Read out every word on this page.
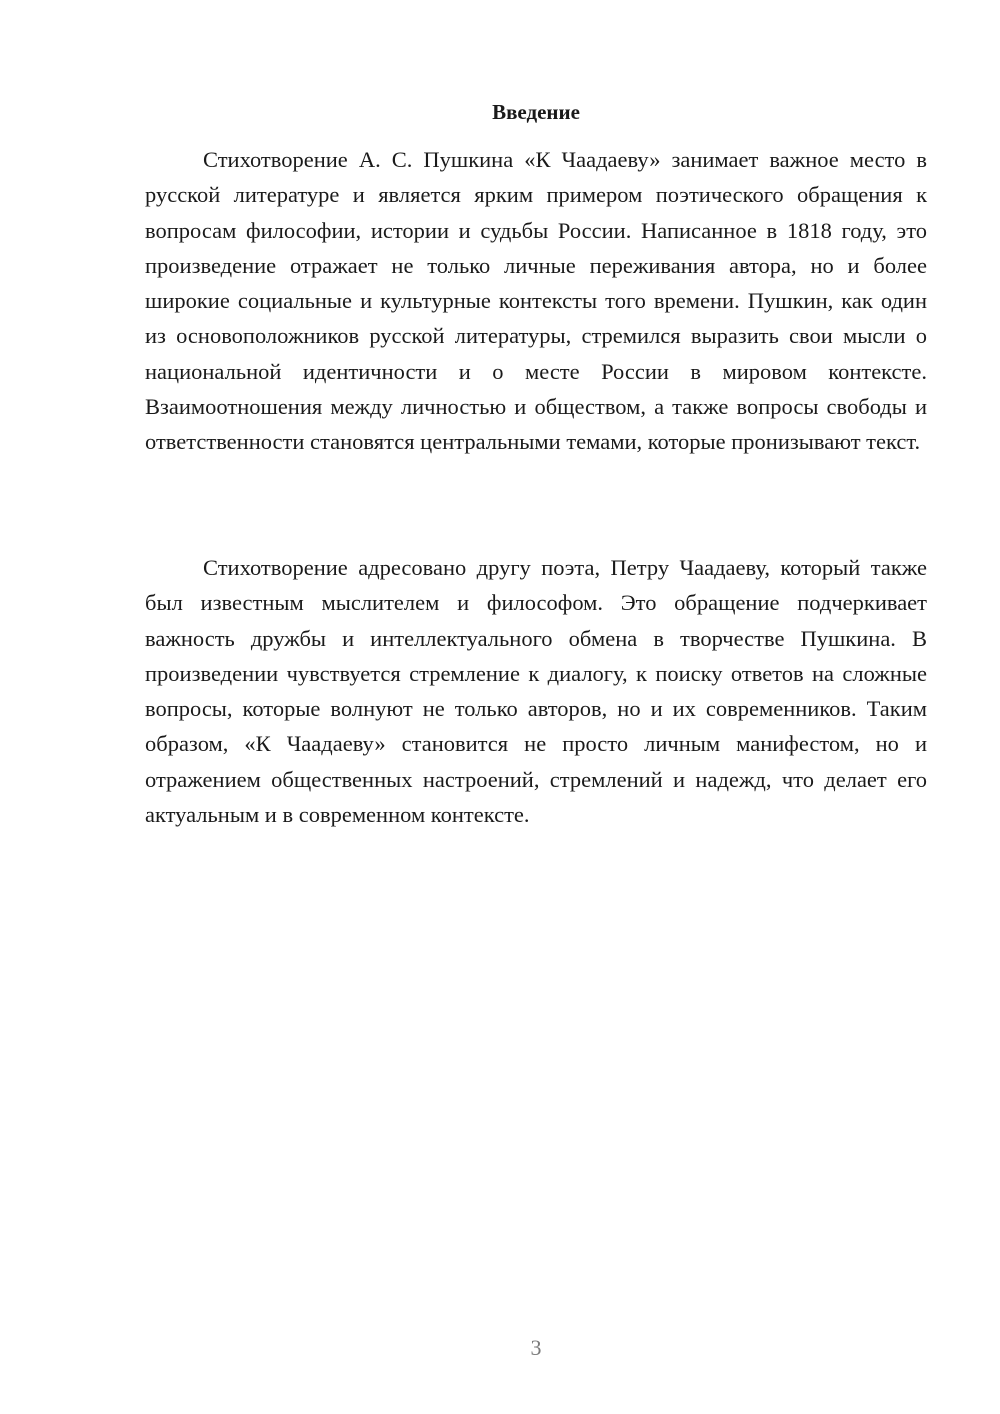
Введение

Стихотворение А. С. Пушкина «К Чаадаеву» занимает важное место в русской литературе и является ярким примером поэтического обращения к вопросам философии, истории и судьбы России. Написанное в 1818 году, это произведение отражает не только личные переживания автора, но и более широкие социальные и культурные контексты того времени. Пушкин, как один из основоположников русской литературы, стремился выразить свои мысли о национальной идентичности и о месте России в мировом контексте. Взаимоотношения между личностью и обществом, а также вопросы свободы и ответственности становятся центральными темами, которые пронизывают текст.

Стихотворение адресовано другу поэта, Петру Чаадаеву, который также был известным мыслителем и философом. Это обращение подчеркивает важность дружбы и интеллектуального обмена в творчестве Пушкина. В произведении чувствуется стремление к диалогу, к поиску ответов на сложные вопросы, которые волнуют не только авторов, но и их современников. Таким образом, «К Чаадаеву» становится не просто личным манифестом, но и отражением общественных настроений, стремлений и надежд, что делает его актуальным и в современном контексте.

3
